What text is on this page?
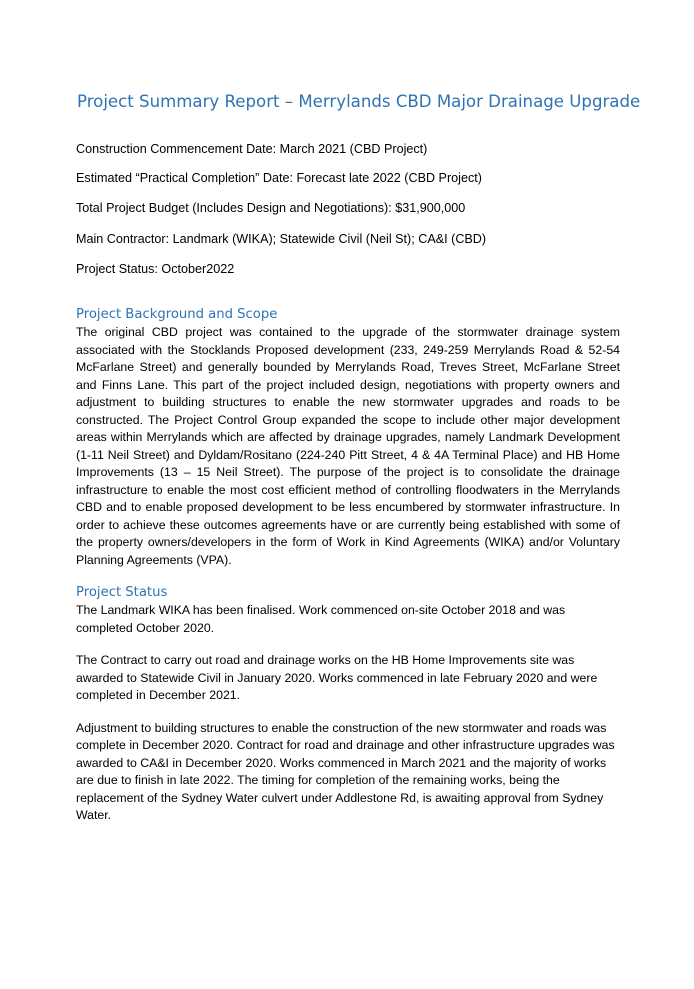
Project Summary Report – Merrylands CBD Major Drainage Upgrade

Construction Commencement Date: March 2021 (CBD Project)

Estimated “Practical Completion” Date: Forecast late 2022 (CBD Project)

Total Project Budget (Includes Design and Negotiations): $31,900,000

Main Contractor: Landmark (WIKA); Statewide Civil (Neil St); CA&I (CBD)

Project Status: October2022

Project Background and Scope

The original CBD project was contained to the upgrade of the stormwater drainage system associated with the Stocklands Proposed development (233, 249-259 Merrylands Road & 52-54 McFarlane Street) and generally bounded by Merrylands Road, Treves Street, McFarlane Street and Finns Lane. This part of the project included design, negotiations with property owners and adjustment to building structures to enable the new stormwater upgrades and roads to be constructed. The Project Control Group expanded the scope to include other major development areas within Merrylands which are affected by drainage upgrades, namely Landmark Development (1-11 Neil Street) and Dyldam/Rositano (224-240 Pitt Street, 4 & 4A Terminal Place) and HB Home Improvements (13 – 15 Neil Street). The purpose of the project is to consolidate the drainage infrastructure to enable the most cost efficient method of controlling floodwaters in the Merrylands CBD and to enable proposed development to be less encumbered by stormwater infrastructure. In order to achieve these outcomes agreements have or are currently being established with some of the property owners/developers in the form of Work in Kind Agreements (WIKA) and/or Voluntary Planning Agreements (VPA).

Project Status

The Landmark WIKA has been finalised. Work commenced on-site October 2018 and was completed October 2020.

The Contract to carry out road and drainage works on the HB Home Improvements site was awarded to Statewide Civil in January 2020. Works commenced in late February 2020 and were completed in December 2021.

Adjustment to building structures to enable the construction of the new stormwater and roads was complete in December 2020. Contract for road and drainage and other infrastructure upgrades was awarded to CA&I in December 2020. Works commenced in March 2021 and the majority of works are due to finish in late 2022. The timing for completion of the remaining works, being the replacement of the Sydney Water culvert under Addlestone Rd, is awaiting approval from Sydney Water.
